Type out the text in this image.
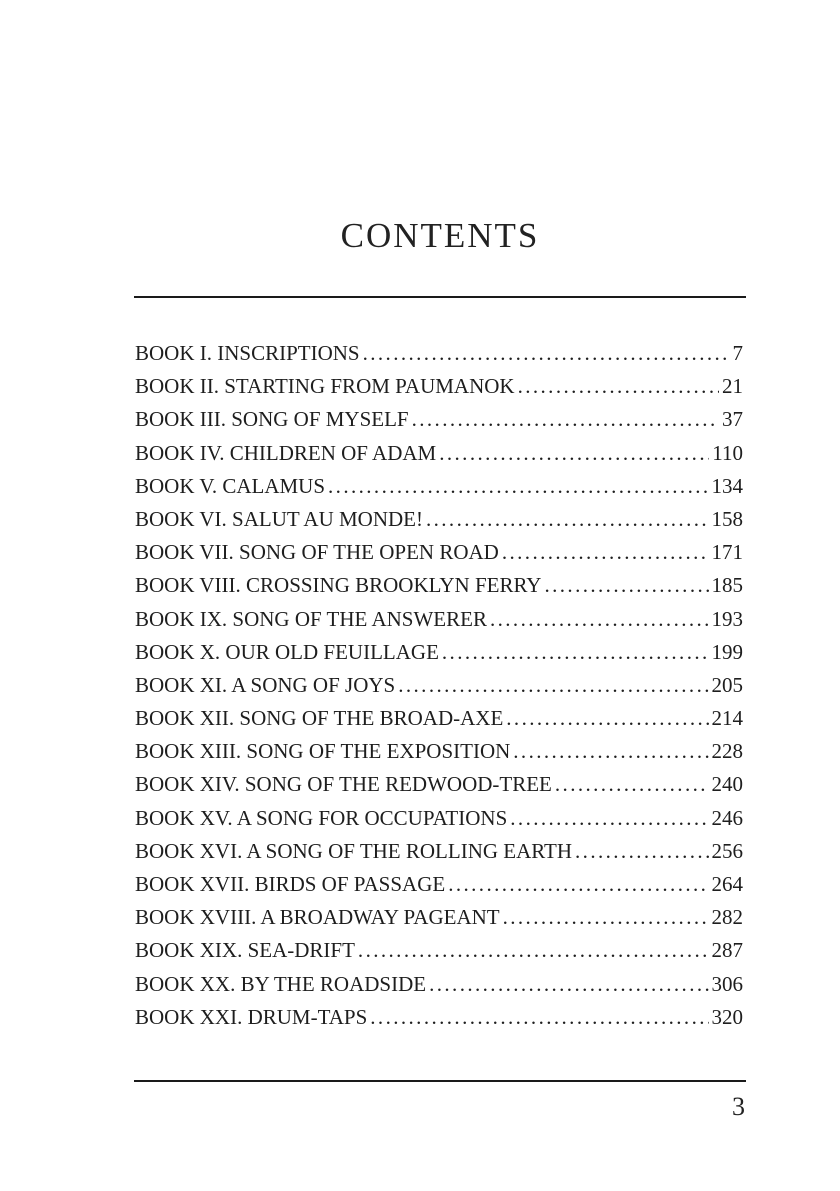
CONTENTS
BOOK I. INSCRIPTIONS .....	7
BOOK II. STARTING FROM PAUMANOK .....	21
BOOK III. SONG OF MYSELF .....	37
BOOK IV. CHILDREN OF ADAM .....	110
BOOK V. CALAMUS .....	134
BOOK VI. SALUT AU MONDE! .....	158
BOOK VII. SONG OF THE OPEN ROAD .....	171
BOOK VIII. CROSSING BROOKLYN FERRY .....	185
BOOK IX. SONG OF THE ANSWERER .....	193
BOOK X. OUR OLD FEUILLAGE .....	199
BOOK XI. A SONG OF JOYS .....	205
BOOK XII. SONG OF THE BROAD-AXE .....	214
BOOK XIII. SONG OF THE EXPOSITION .....	228
BOOK XIV. SONG OF THE REDWOOD-TREE .....	240
BOOK XV. A SONG FOR OCCUPATIONS .....	246
BOOK XVI. A SONG OF THE ROLLING EARTH .....	256
BOOK XVII. BIRDS OF PASSAGE .....	264
BOOK XVIII. A BROADWAY PAGEANT .....	282
BOOK XIX. SEA-DRIFT .....	287
BOOK XX. BY THE ROADSIDE .....	306
BOOK XXI. DRUM-TAPS .....	320
3
